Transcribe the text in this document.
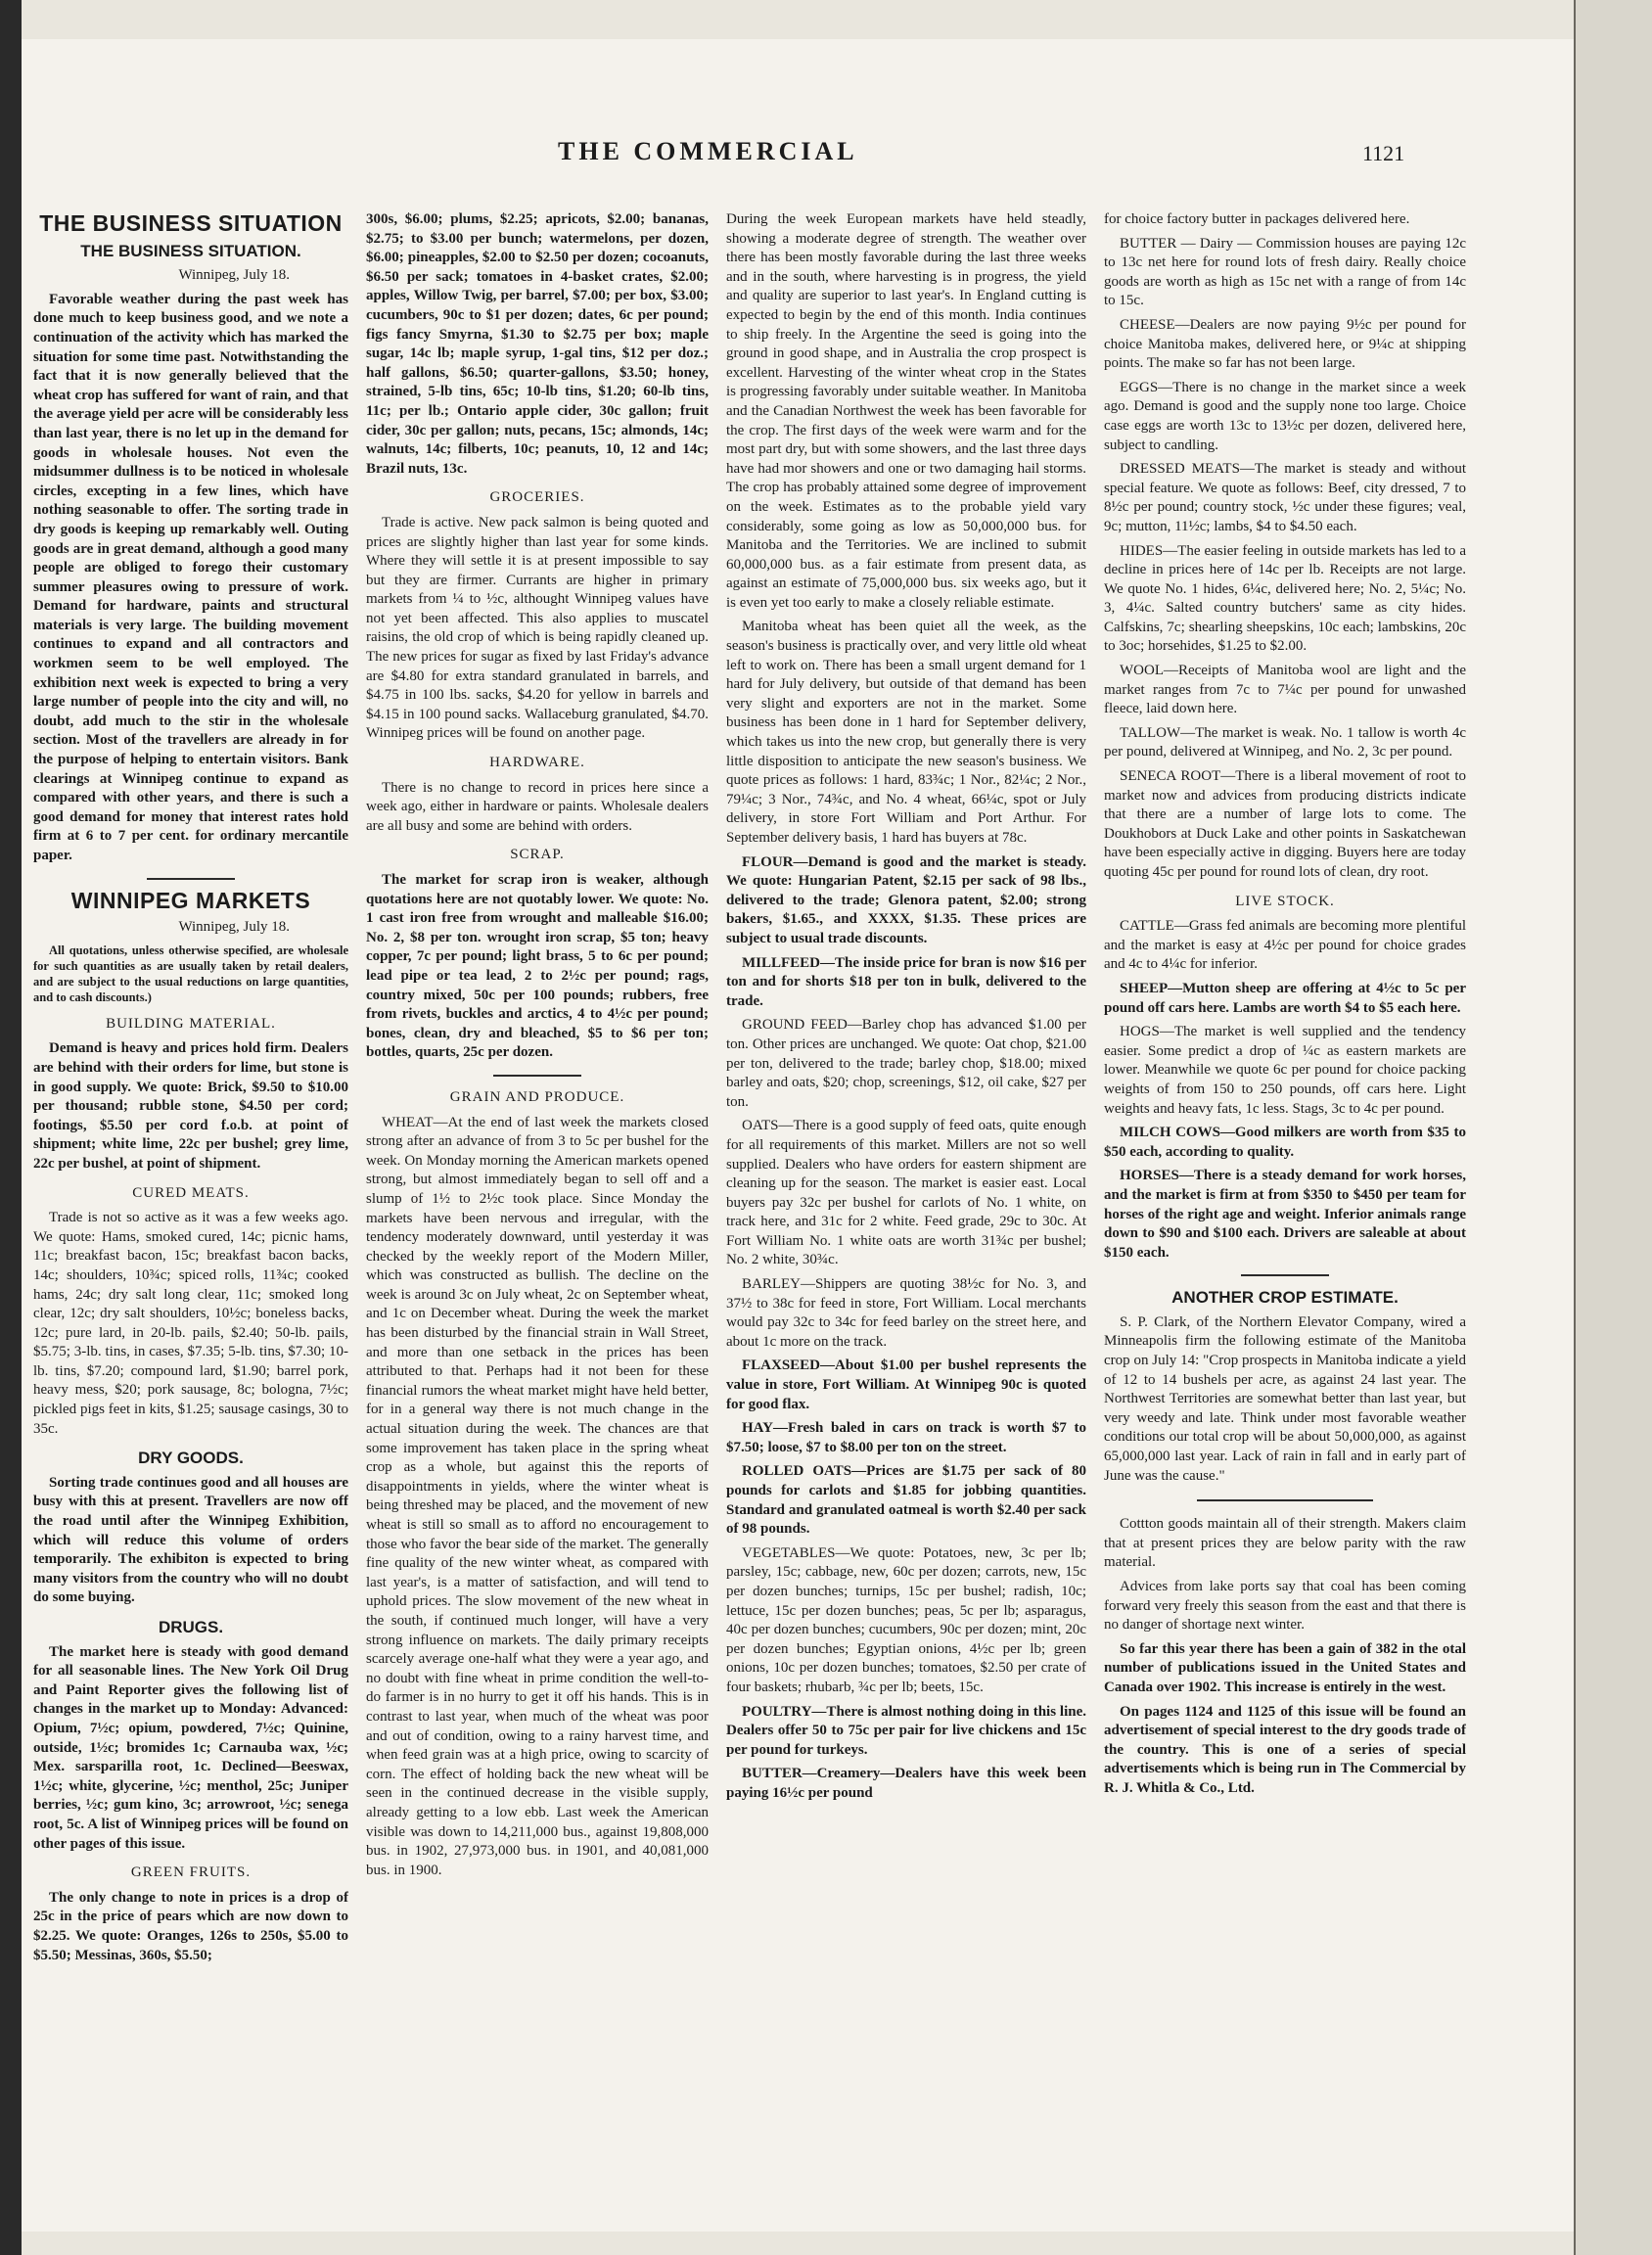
THE COMMERCIAL	1121
THE BUSINESS SITUATION
THE BUSINESS SITUATION.
Winnipeg, July 18.

Favorable weather during the past week has done much to keep business good, and we note a continuation of the activity which has marked the situation for some time past. Notwithstanding the fact that it is now generally believed that the wheat crop has suffered for want of rain, and that the average yield per acre will be considerably less than last year, there is no let up in the demand for goods in wholesale houses. Not even the midsummer dullness is to be noticed in wholesale circles, excepting in a few lines, which have nothing seasonable to offer. The sorting trade in dry goods is keeping up remarkably well. Outing goods are in great demand, although a good many people are obliged to forego their customary summer pleasures owing to pressure of work. Demand for hardware, paints and structural materials is very large. The building movement continues to expand and all contractors and workmen seem to be well employed. The exhibition next week is expected to bring a very large number of people into the city and will, no doubt, add much to the stir in the wholesale section. Most of the travellers are already in for the purpose of helping to entertain visitors. Bank clearings at Winnipeg continue to expand as compared with other years, and there is such a good demand for money that interest rates hold firm at 6 to 7 per cent. for ordinary mercantile paper.

WINNIPEG MARKETS
Winnipeg, July 18.

All quotations, unless otherwise specified, are wholesale for such quantities as are usually taken by retail dealers, and are subject to the usual reductions on large quantities, and to cash discounts.)

BUILDING MATERIAL.

Demand is heavy and prices hold firm. Dealers are behind with their orders for lime, but stone is in good supply. We quote: Brick, $9.50 to $10.00 per thousand; rubble stone, $4.50 per cord; footings, $5.50 per cord f.o.b. at point of shipment; white lime, 22c per bushel; grey lime, 22c per bushel, at point of shipment.

CURED MEATS.

Trade is not so active as it was a few weeks ago. We quote: Hams, smoked cured, 14c; picnic hams, 11c; breakfast bacon, 15c; breakfast bacon backs, 14c; shoulders, 10¾c; spiced rolls, 11¾c; cooked hams, 24c; dry salt long clear, 11c; smoked long clear, 12c; dry salt shoulders, 10½c; boneless backs, 12c; pure lard, in 20-lb. pails, $2.40; 50-lb. pails, $5.75; 3-lb. tins, in cases, $7.35; 5-lb. tins, $7.30; 10-lb. tins, $7.20; compound lard, $1.90; barrel pork, heavy mess, $20; pork sausage, 8c; bologna, 7½c; pickled pigs feet in kits, $1.25; sausage casings, 30 to 35c.

DRY GOODS.

Sorting trade continues good and all houses are busy with this at present. Travellers are now off the road until after the Winnipeg Exhibition, which will reduce this volume of orders temporarily. The exhibiton is expected to bring many visitors from the country who will no doubt do some buying.

DRUGS.

The market here is steady with good demand for all seasonable lines. The New York Oil Drug and Paint Reporter gives the following list of changes in the market up to Monday: Advanced: Opium, 7½c; opium, powdered, 7½c; Quinine, outside, 1½c; bromides 1c; Carnauba wax, ½c; Mex. sarsparilla root, 1c. Declined—Beeswax, 1½c; white, glycerine, ½c; menthol, 25c; Juniper berries, ½c; gum kino, 3c; arrowroot, ½c; senega root, 5c. A list of Winnipeg prices will be found on other pages of this issue.

GREEN FRUITS.

The only change to note in prices is a drop of 25c in the price of pears which are now down to $2.25. We quote: Oranges, 126s to 250s, $5.00 to $5.50; Messinas, 360s, $5.50;

300s, $6.00; plums, $2.25; apricots, $2.00; bananas, $2.75; to $3.00 per bunch; watermelons, per dozen, $6.00; pineapples, $2.00 to $2.50 per dozen; cocoanuts, $6.50 per sack; tomatoes in 4-basket crates, $2.00; apples, Willow Twig, per barrel, $7.00; per box, $3.00; cucumbers, 90c to $1 per dozen; dates, 6c per pound; figs fancy Smyrna, $1.30 to $2.75 per box; maple sugar, 14c lb; maple syrup, 1-gal tins, $12 per doz.; half gallons, $6.50; quarter-gallons, $3.50; honey, strained, 5-lb tins, 65c; 10-lb tins, $1.20; 60-lb tins, 11c; per lb.; Ontario apple cider, 30c gallon; fruit cider, 30c per gallon; nuts, pecans, 15c; almonds, 14c; walnuts, 14c; filberts, 10c; peanuts, 10, 12 and 14c; Brazil nuts, 13c.

GROCERIES.

Trade is active. New pack salmon is being quoted and prices are slightly higher than last year for some kinds. Where they will settle it is at present impossible to say but they are firmer. Currants are higher in primary markets from ¼ to ½c, althought Winnipeg values have not yet been affected. This also applies to muscatel raisins, the old crop of which is being rapidly cleaned up. The new prices for sugar as fixed by last Friday's advance are $4.80 for extra standard granulated in barrels, and $4.75 in 100 lbs. sacks, $4.20 for yellow in barrels and $4.15 in 100 pound sacks. Wallaceburg granulated, $4.70. Winnipeg prices will be found on another page.

HARDWARE.

There is no change to record in prices here since a week ago, either in hardware or paints. Wholesale dealers are all busy and some are behind with orders.

SCRAP.

The market for scrap iron is weaker, although quotations here are not quotably lower. We quote: No. 1 cast iron free from wrought and malleable $16.00; No. 2, $8 per ton. wrought iron scrap, $5 ton; heavy copper, 7c per pound; light brass, 5 to 6c per pound; lead pipe or tea lead, 2 to 2½c per pound; rags, country mixed, 50c per 100 pounds; rubbers, free from rivets, buckles and arctics, 4 to 4½c per pound; bones, clean, dry and bleached, $5 to $6 per ton; bottles, quarts, 25c per dozen.

GRAIN AND PRODUCE.

WHEAT—At the end of last week the markets closed strong after an advance of from 3 to 5c per bushel for the week. On Monday morning the American markets opened strong, but almost immediately began to sell off and a slump of 1½ to 2½c took place. Since Monday the markets have been nervous and irregular, with the tendency moderately downward, until yesterday it was checked by the weekly report of the Modern Miller, which was constructed as bullish. The decline on the week is around 3c on July wheat, 2c on September wheat, and 1c on December wheat. During the week the market has been disturbed by the financial strain in Wall Street, and more than one setback in the prices has been attributed to that. Perhaps had it not been for these financial rumors the wheat market might have held better, for in a general way there is not much change in the actual situation during the week. The chances are that some improvement has taken place in the spring wheat crop as a whole, but against this the reports of disappointments in yields, where the winter wheat is being threshed may be placed, and the movement of new wheat is still so small as to afford no encouragement to those who favor the bear side of the market. The generally fine quality of the new winter wheat, as compared with last year's, is a matter of satisfaction, and will tend to uphold prices. The slow movement of the new wheat in the south, if continued much longer, will have a very strong influence on markets. The daily primary receipts scarcely average one-half what they were a year ago, and no doubt with fine wheat in prime condition the well-to-do farmer is in no hurry to get it off his hands. This is in contrast to last year, when much of the wheat was poor and out of condition, owing to a rainy harvest time, and when feed grain was at a high price, owing to scarcity of corn. The effect of holding back the new wheat will be seen in the continued decrease in the visible supply, already getting to a low ebb. Last week the American visible was down to 14,211,000 bus., against 19,808,000 bus. in 1902, 27,973,000 bus. in 1901, and 40,081,000 bus. in 1900.

During the week European markets have held steadly, showing a moderate degree of strength. The weather over there has been mostly favorable during the last three weeks and in the south, where harvesting is in progress, the yield and quality are superior to last year's. In England cutting is expected to begin by the end of this month. India continues to ship freely. In the Argentine the seed is going into the ground in good shape, and in Australia the crop prospect is excellent. Harvesting of the winter wheat crop in the States is progressing favorably under suitable weather. In Manitoba and the Canadian Northwest the week has been favorable for the crop. The first days of the week were warm and for the most part dry, but with some showers, and the last three days have had mor showers and one or two damaging hail storms. The crop has probably attained some degree of improvement on the week. Estimates as to the probable yield vary considerably, some going as low as 50,000,000 bus. for Manitoba and the Territories. We are inclined to submit 60,000,000 bus. as a fair estimate from present data, as against an estimate of 75,000,000 bus. six weeks ago, but it is even yet too early to make a closely reliable estimate.

Manitoba wheat has been quiet all the week, as the season's business is practically over, and very little old wheat left to work on. There has been a small urgent demand for 1 hard for July delivery, but outside of that demand has been very slight and exporters are not in the market. Some business has been done in 1 hard for September delivery, which takes us into the new crop, but generally there is very little disposition to anticipate the new season's business. We quote prices as follows: 1 hard, 83¾c; 1 Nor., 82¼c; 2 Nor., 79¼c; 3 Nor., 74¾c, and No. 4 wheat, 66¼c, spot or July delivery, in store Fort William and Port Arthur. For September delivery basis, 1 hard has buyers at 78c.

FLOUR—Demand is good and the market is steady. We quote: Hungarian Patent, $2.15 per sack of 98 lbs., delivered to the trade; Glenora patent, $2.00; strong bakers, $1.65., and XXXX, $1.35. These prices are subject to usual trade discounts.

MILLFEED—The inside price for bran is now $16 per ton and for shorts $18 per ton in bulk, delivered to the trade.

GROUND FEED—Barley chop has advanced $1.00 per ton. Other prices are unchanged. We quote: Oat chop, $21.00 per ton, delivered to the trade; barley chop, $18.00; mixed barley and oats, $20; chop, screenings, $12, oil cake, $27 per ton.

OATS—There is a good supply of feed oats, quite enough for all requirements of this market. Millers are not so well supplied. Dealers who have orders for eastern shipment are cleaning up for the season. The market is easier east. Local buyers pay 32c per bushel for carlots of No. 1 white, on track here, and 31c for 2 white. Feed grade, 29c to 30c. At Fort William No. 1 white oats are worth 31¾c per bushel; No. 2 white, 30¾c.

BARLEY—Shippers are quoting 38½c for No. 3, and 37½ to 38c for feed in store, Fort William. Local merchants would pay 32c to 34c for feed barley on the street here, and about 1c more on the track.

FLAXSEED—About $1.00 per bushel represents the value in store, Fort William. At Winnipeg 90c is quoted for good flax.

HAY—Fresh baled in cars on track is worth $7 to $7.50; loose, $7 to $8.00 per ton on the street.

ROLLED OATS—Prices are $1.75 per sack of 80 pounds for carlots and $1.85 for jobbing quantities. Standard and granulated oatmeal is worth $2.40 per sack of 98 pounds.

VEGETABLES—We quote: Potatoes, new, 3c per lb; parsley, 15c; cabbage, new, 60c per dozen; carrots, new, 15c per dozen bunches; turnips, 15c per bushel; radish, 10c; lettuce, 15c per dozen bunches; peas, 5c per lb; asparagus, 40c per dozen bunches; cucumbers, 90c per dozen; mint, 20c per dozen bunches; Egyptian onions, 4½c per lb; green onions, 10c per dozen bunches; tomatoes, $2.50 per crate of four baskets; rhubarb, ¾c per lb; beets, 15c.

POULTRY—There is almost nothing doing in this line. Dealers offer 50 to 75c per pair for live chickens and 15c per pound for turkeys.

BUTTER—Creamery—Dealers have this week been paying 16½c per pound

for choice factory butter in packages delivered here.

BUTTER — Dairy — Commission houses are paying 12c to 13c net here for round lots of fresh dairy. Really choice goods are worth as high as 15c net with a range of from 14c to 15c.

CHEESE—Dealers are now paying 9½c per pound for choice Manitoba makes, delivered here, or 9¼c at shipping points. The make so far has not been large.

EGGS—There is no change in the market since a week ago. Demand is good and the supply none too large. Choice case eggs are worth 13c to 13½c per dozen, delivered here, subject to candling.

DRESSED MEATS—The market is steady and without special feature. We quote as follows: Beef, city dressed, 7 to 8½c per pound; country stock, ½c under these figures; veal, 9c; mutton, 11½c; lambs, $4 to $4.50 each.

HIDES—The easier feeling in outside markets has led to a decline in prices here of 14c per lb. Receipts are not large. We quote No. 1 hides, 6¼c, delivered here; No. 2, 5¼c; No. 3, 4¼c. Salted country butchers' same as city hides. Calfskins, 7c; shearling sheepskins, 10c each; lambskins, 20c to 3oc; horsehides, $1.25 to $2.00.

WOOL—Receipts of Manitoba wool are light and the market ranges from 7c to 7¼c per pound for unwashed fleece, laid down here.

TALLOW—The market is weak. No. 1 tallow is worth 4c per pound, delivered at Winnipeg, and No. 2, 3c per pound.

SENECA ROOT—There is a liberal movement of root to market now and advices from producing districts indicate that there are a number of large lots to come. The Doukhobors at Duck Lake and other points in Saskatchewan have been especially active in digging. Buyers here are today quoting 45c per pound for round lots of clean, dry root.

LIVE STOCK.

CATTLE—Grass fed animals are becoming more plentiful and the market is easy at 4½c per pound for choice grades and 4c to 4¼c for inferior.

SHEEP—Mutton sheep are offering at 4½c to 5c per pound off cars here. Lambs are worth $4 to $5 each here.

HOGS—The market is well supplied and the tendency easier. Some predict a drop of ¼c as eastern markets are lower. Meanwhile we quote 6c per pound for choice packing weights of from 150 to 250 pounds, off cars here. Light weights and heavy fats, 1c less. Stags, 3c to 4c per pound.

MILCH COWS—Good milkers are worth from $35 to $50 each, according to quality.

HORSES—There is a steady demand for work horses, and the market is firm at from $350 to $450 per team for horses of the right age and weight. Inferior animals range down to $90 and $100 each. Drivers are saleable at about $150 each.

ANOTHER CROP ESTIMATE.

S. P. Clark, of the Northern Elevator Company, wired a Minneapolis firm the following estimate of the Manitoba crop on July 14: "Crop prospects in Manitoba indicate a yield of 12 to 14 bushels per acre, as against 24 last year. The Northwest Territories are somewhat better than last year, but very weedy and late. Think under most favorable weather conditions our total crop will be about 50,000,000, as against 65,000,000 last year. Lack of rain in fall and in early part of June was the cause."

Cottton goods maintain all of their strength. Makers claim that at present prices they are below parity with the raw material.

Advices from lake ports say that coal has been coming forward very freely this season from the east and that there is no danger of shortage next winter.

So far this year there has been a gain of 382 in the otal number of publications issued in the United States and Canada over 1902. This increase is entirely in the west.

On pages 1124 and 1125 of this issue will be found an advertisement of special interest to the dry goods trade of the country. This is one of a series of special advertisements which is being run in The Commercial by R. J. Whitla & Co., Ltd.
